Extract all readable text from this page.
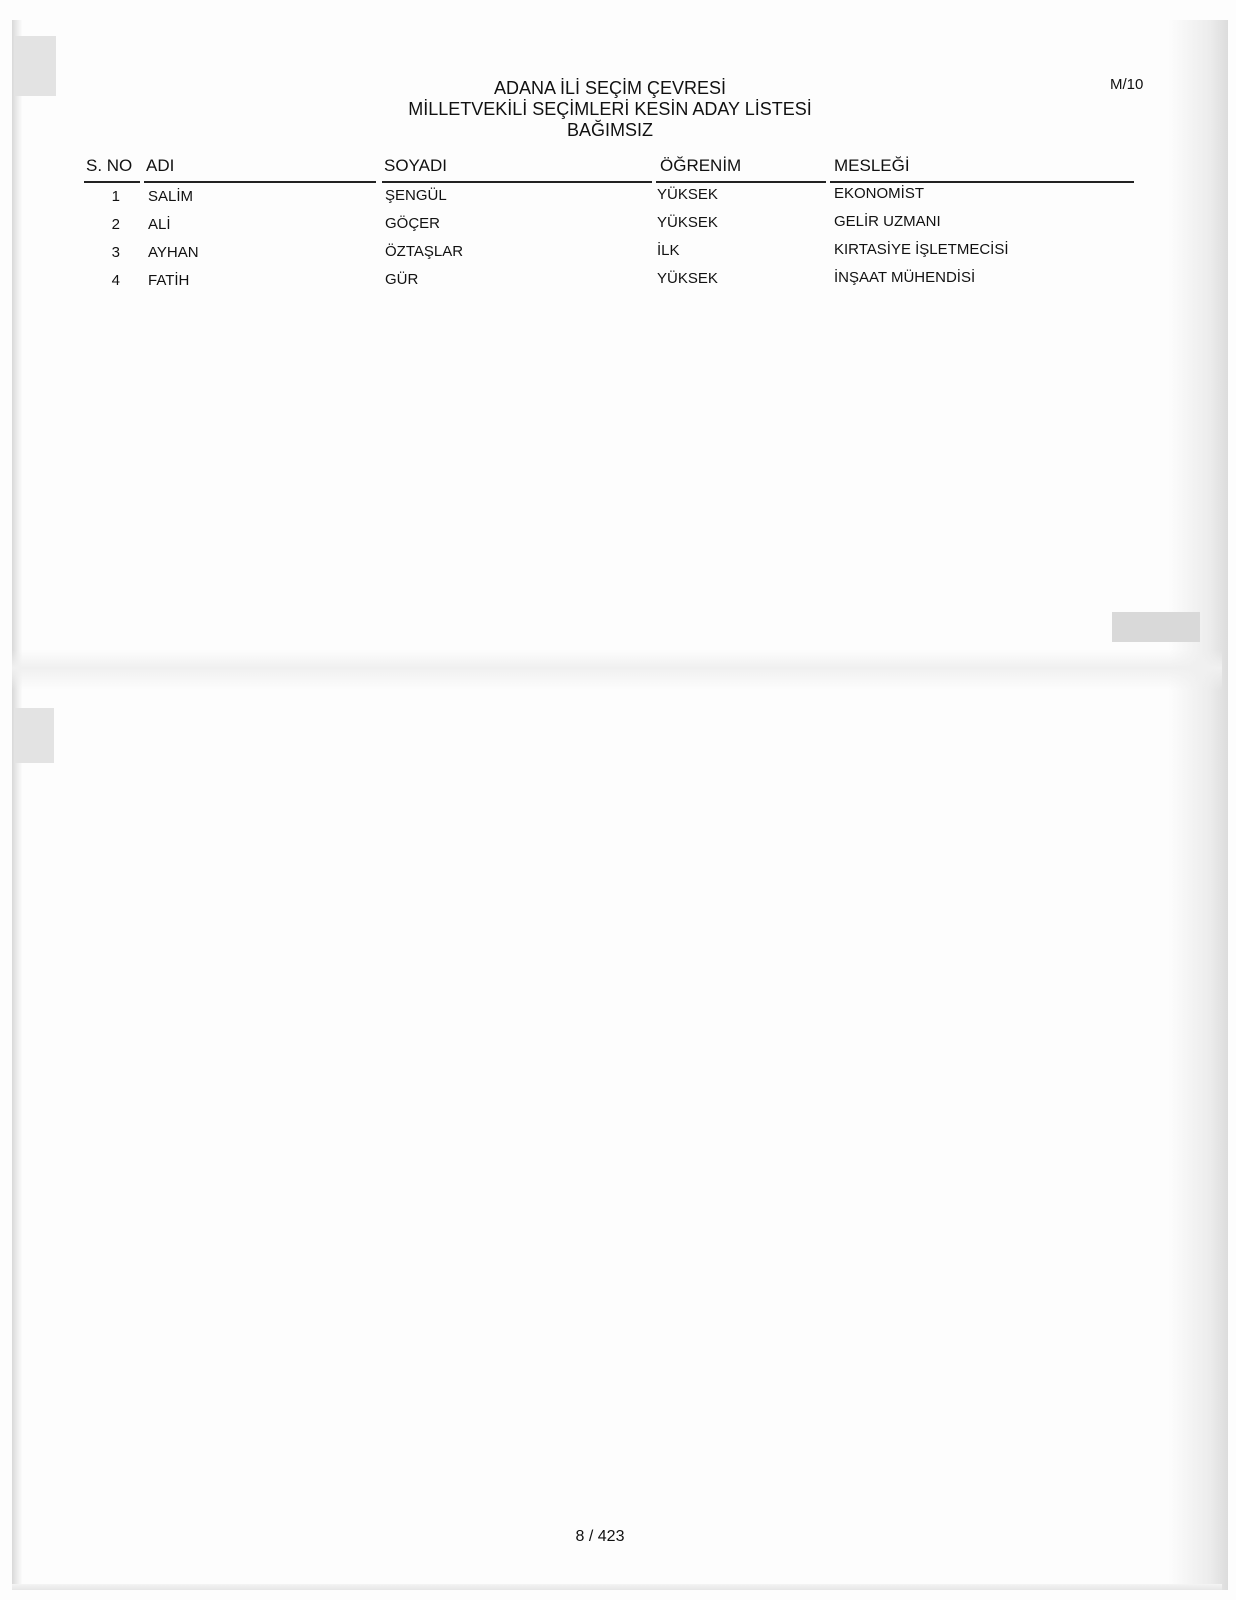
M/10
ADANA İLİ SEÇİM ÇEVRESİ
MİLLETVEKİLİ SEÇİMLERİ KESİN ADAY LİSTESİ
BAĞIMSIZ
S. NO ADI	SOYADI	ÖĞRENİM	MESLEĞİ
1 SALİM	ŞENGÜL	YÜKSEK	EKONOMİST
2 ALİ	GÖÇER	YÜKSEK	GELİR UZMANI
3 AYHAN	ÖZTAŞLAR	İLK	KIRTASİYE İŞLETMECİSİ
4 FATİH	GÜR	YÜKSEK	İNŞAAT MÜHENDİSİ
8 / 423
